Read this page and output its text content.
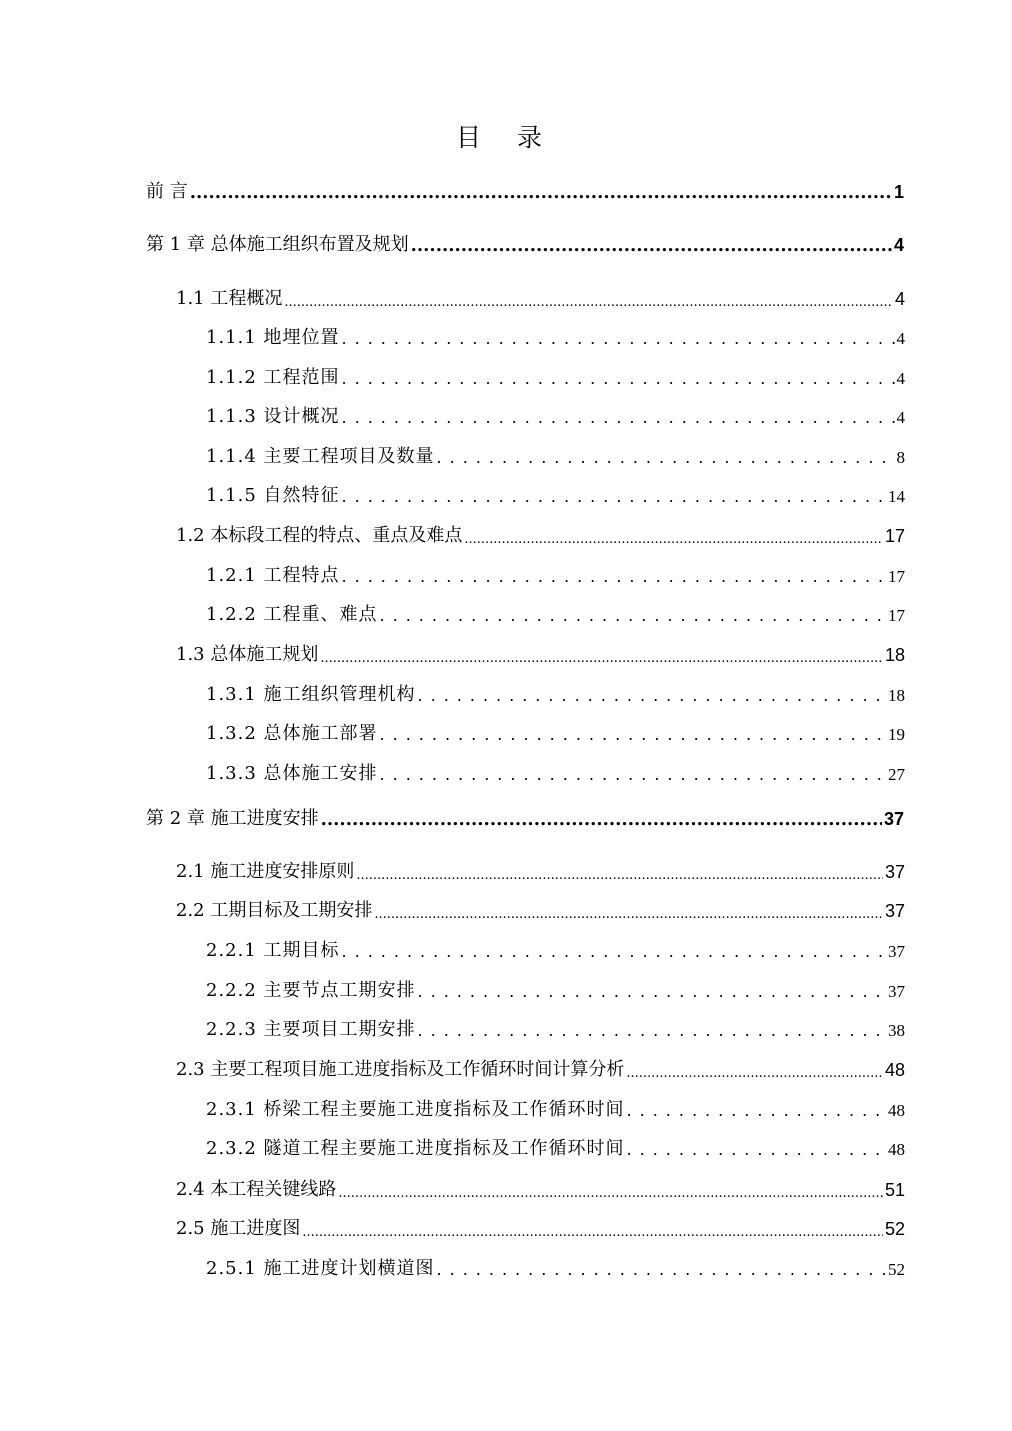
目 录
前 言 .....	1
第 1 章 总体施工组织布置及规划 .....	4
1.1 工程概况 .....	4
1.1.1 地埋位置 .....	4
1.1.2 工程范围 .....	4
1.1.3 设计概况 .....	4
1.1.4 主要工程项目及数量 .....	8
1.1.5 自然特征 .....	14
1.2 本标段工程的特点、重点及难点 .....	17
1.2.1 工程特点 .....	17
1.2.2 工程重、难点 .....	17
1.3 总体施工规划 .....	18
1.3.1 施工组织管理机构 .....	18
1.3.2 总体施工部署 .....	19
1.3.3 总体施工安排 .....	27
第 2 章 施工进度安排 .....	37
2.1 施工进度安排原则 .....	37
2.2 工期目标及工期安排 .....	37
2.2.1 工期目标 .....	37
2.2.2 主要节点工期安排 .....	37
2.2.3 主要项目工期安排 .....	38
2.3 主要工程项目施工进度指标及工作循环时间计算分析 .....	48
2.3.1 桥梁工程主要施工进度指标及工作循环时间 .....	48
2.3.2 隧道工程主要施工进度指标及工作循环时间 .....	48
2.4 本工程关键线路 .....	51
2.5 施工进度图 .....	52
2.5.1 施工进度计划横道图 .....	52
